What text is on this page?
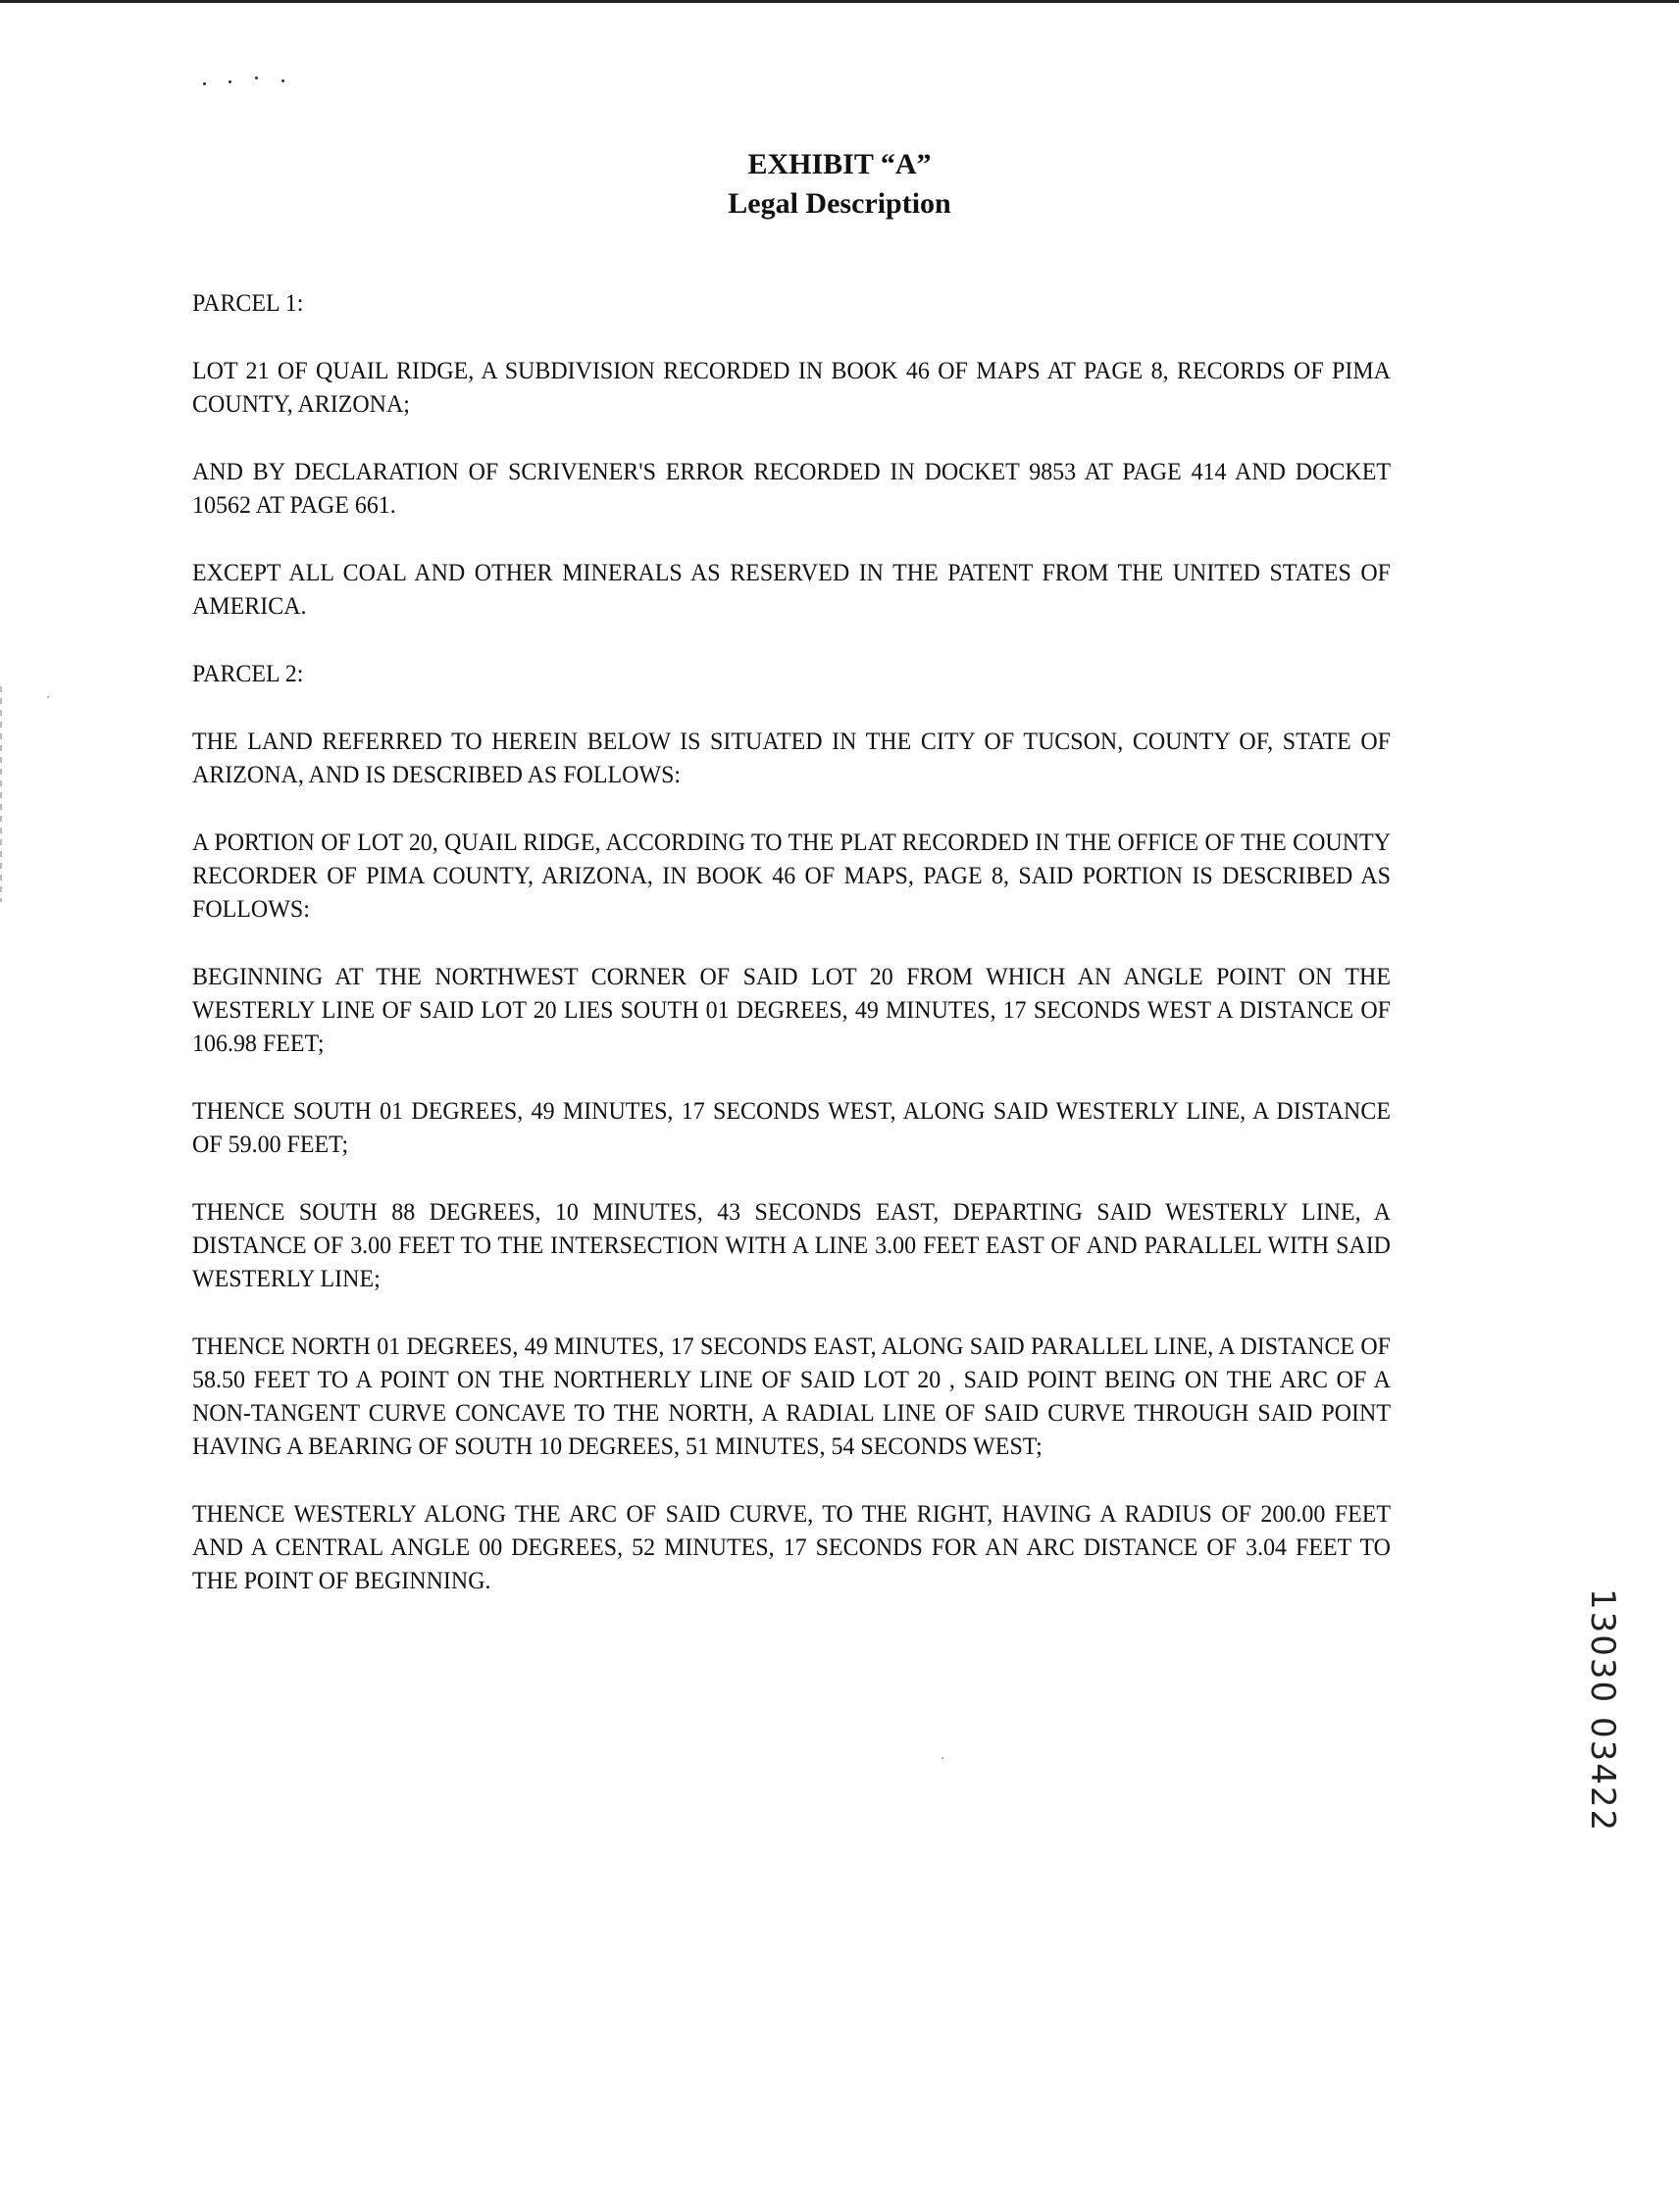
EXHIBIT “A”
Legal Description

PARCEL 1:

LOT 21 OF QUAIL RIDGE, A SUBDIVISION RECORDED IN BOOK 46 OF MAPS AT PAGE 8, RECORDS OF PIMA COUNTY, ARIZONA;

AND BY DECLARATION OF SCRIVENER'S ERROR RECORDED IN DOCKET 9853 AT PAGE 414 AND DOCKET 10562 AT PAGE 661.

EXCEPT ALL COAL AND OTHER MINERALS AS RESERVED IN THE PATENT FROM THE UNITED STATES OF AMERICA.

PARCEL 2:

THE LAND REFERRED TO HEREIN BELOW IS SITUATED IN THE CITY OF TUCSON, COUNTY OF, STATE OF ARIZONA, AND IS DESCRIBED AS FOLLOWS:

A PORTION OF LOT 20, QUAIL RIDGE, ACCORDING TO THE PLAT RECORDED IN THE OFFICE OF THE COUNTY RECORDER OF PIMA COUNTY, ARIZONA, IN BOOK 46 OF MAPS, PAGE 8, SAID PORTION IS DESCRIBED AS FOLLOWS:

BEGINNING AT THE NORTHWEST CORNER OF SAID LOT 20 FROM WHICH AN ANGLE POINT ON THE WESTERLY LINE OF SAID LOT 20 LIES SOUTH 01 DEGREES, 49 MINUTES, 17 SECONDS WEST A DISTANCE OF 106.98 FEET;

THENCE SOUTH 01 DEGREES, 49 MINUTES, 17 SECONDS WEST, ALONG SAID WESTERLY LINE, A DISTANCE OF 59.00 FEET;

THENCE SOUTH 88 DEGREES, 10 MINUTES, 43 SECONDS EAST, DEPARTING SAID WESTERLY LINE, A DISTANCE OF 3.00 FEET TO THE INTERSECTION WITH A LINE 3.00 FEET EAST OF AND PARALLEL WITH SAID WESTERLY LINE;

THENCE NORTH 01 DEGREES, 49 MINUTES, 17 SECONDS EAST, ALONG SAID PARALLEL LINE, A DISTANCE OF 58.50 FEET TO A POINT ON THE NORTHERLY LINE OF SAID LOT 20 , SAID POINT BEING ON THE ARC OF A NON-TANGENT CURVE CONCAVE TO THE NORTH, A RADIAL LINE OF SAID CURVE THROUGH SAID POINT HAVING A BEARING OF SOUTH 10 DEGREES, 51 MINUTES, 54 SECONDS WEST;

THENCE WESTERLY ALONG THE ARC OF SAID CURVE, TO THE RIGHT, HAVING A RADIUS OF 200.00 FEET AND A CENTRAL ANGLE 00 DEGREES, 52 MINUTES, 17 SECONDS FOR AN ARC DISTANCE OF 3.04 FEET TO THE POINT OF BEGINNING.

13030 03422
